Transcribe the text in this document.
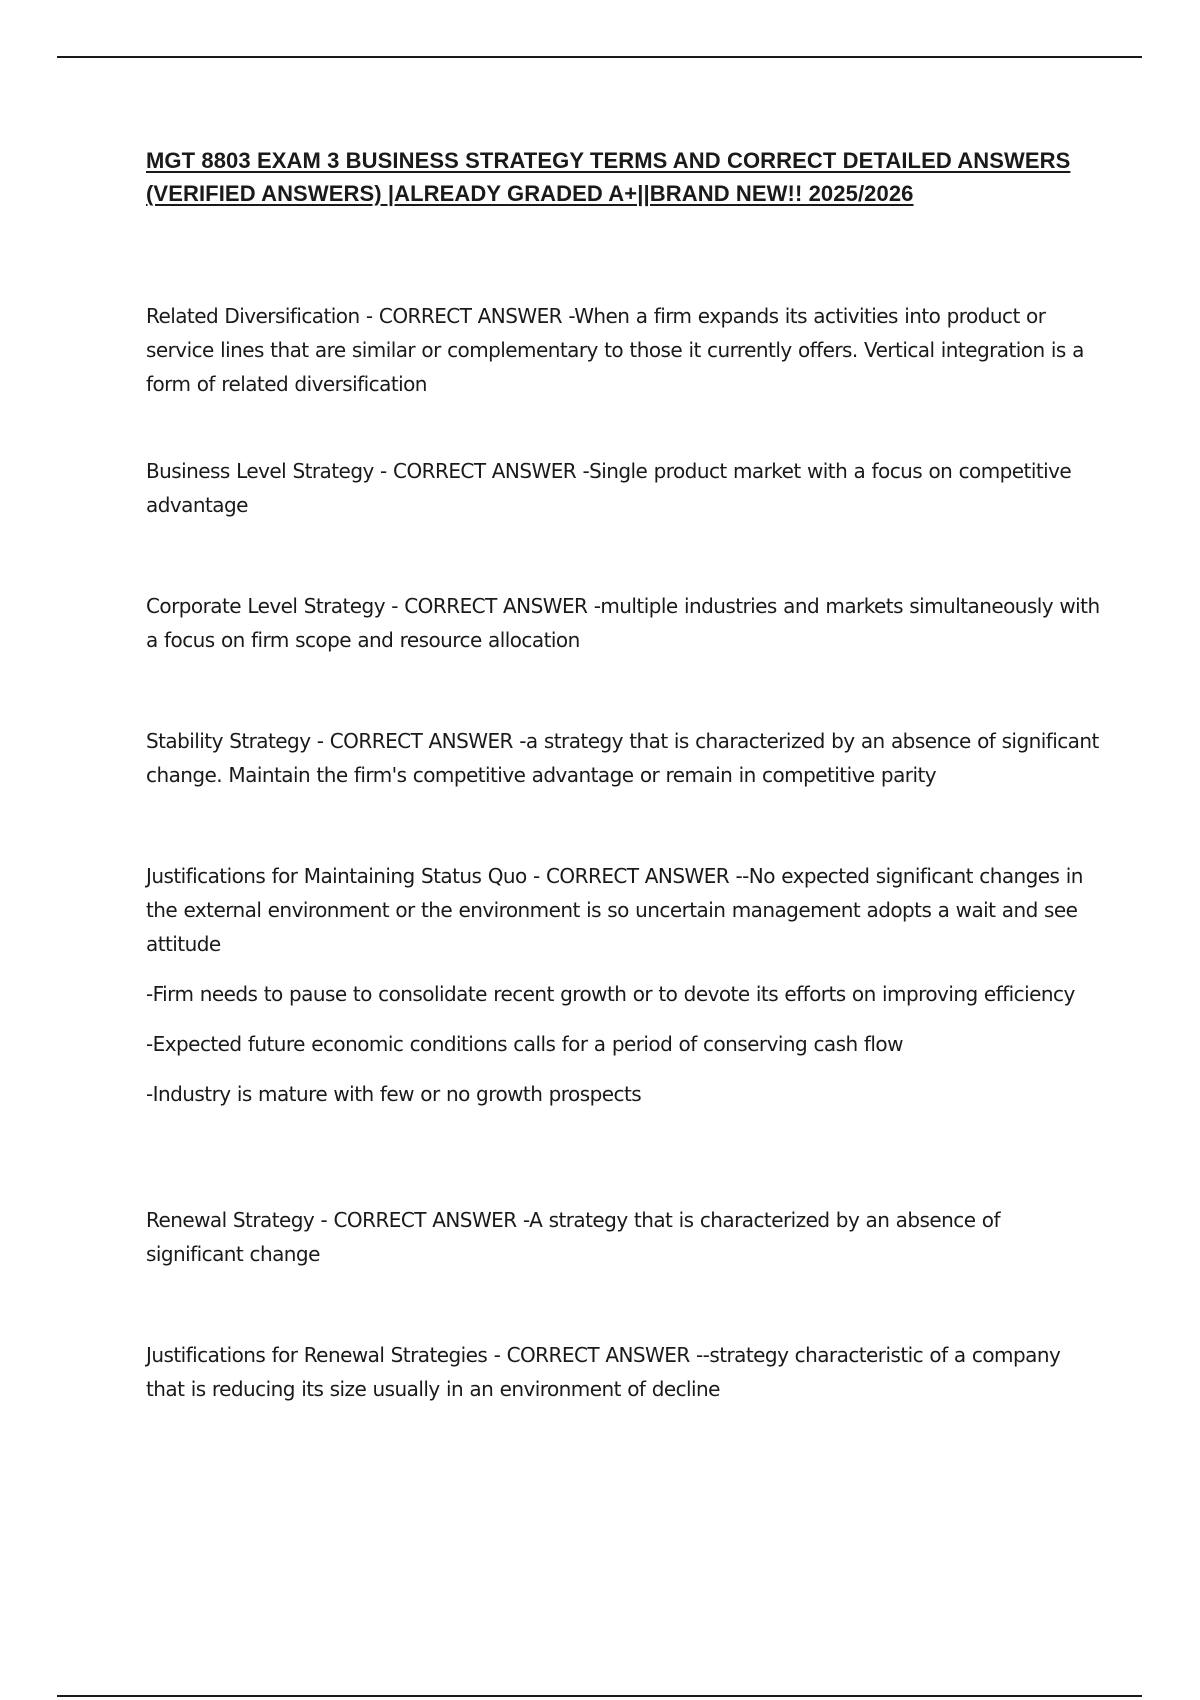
MGT 8803 EXAM 3 BUSINESS STRATEGY TERMS AND CORRECT DETAILED ANSWERS (VERIFIED ANSWERS) |ALREADY GRADED A+||BRAND NEW!! 2025/2026

Related Diversification - CORRECT ANSWER -When a firm expands its activities into product or service lines that are similar or complementary to those it currently offers. Vertical integration is a form of related diversification

Business Level Strategy - CORRECT ANSWER -Single product market with a focus on competitive advantage

Corporate Level Strategy - CORRECT ANSWER -multiple industries and markets simultaneously with a focus on firm scope and resource allocation

Stability Strategy - CORRECT ANSWER -a strategy that is characterized by an absence of significant change. Maintain the firm's competitive advantage or remain in competitive parity

Justifications for Maintaining Status Quo - CORRECT ANSWER --No expected significant changes in the external environment or the environment is so uncertain management adopts a wait and see attitude

-Firm needs to pause to consolidate recent growth or to devote its efforts on improving efficiency

-Expected future economic conditions calls for a period of conserving cash flow

-Industry is mature with few or no growth prospects

Renewal Strategy - CORRECT ANSWER -A strategy that is characterized by an absence of significant change

Justifications for Renewal Strategies - CORRECT ANSWER --strategy characteristic of a company that is reducing its size usually in an environment of decline
